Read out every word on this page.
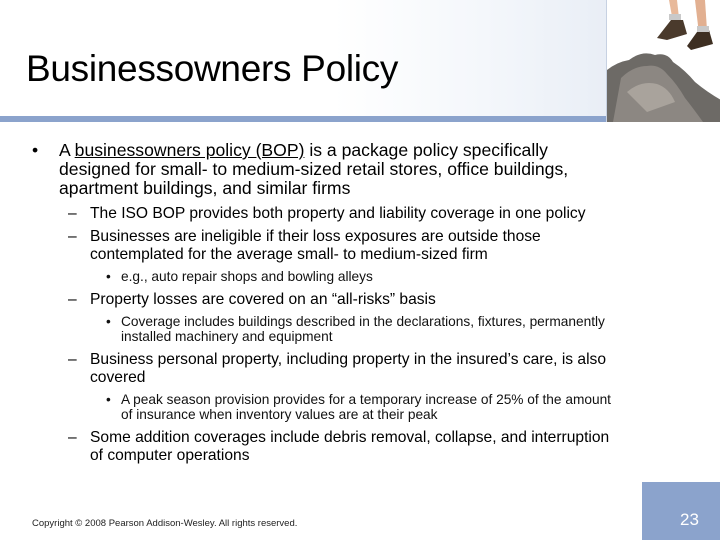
Businessowners Policy
• A businessowners policy (BOP) is a package policy specifically
designed for small- to medium-sized retail stores, office buildings,
apartment buildings, and similar firms
– The ISO BOP provides both property and liability coverage in one policy
– Businesses are ineligible if their loss exposures are outside those
contemplated for the average small- to medium-sized firm
• e.g., auto repair shops and bowling alleys
– Property losses are covered on an “all-risks” basis
• Coverage includes buildings described in the declarations, fixtures, permanently
installed machinery and equipment
– Business personal property, including property in the insured’s care, is also
covered
• A peak season provision provides for a temporary increase of 25% of the amount
of insurance when inventory values are at their peak
– Some addition coverages include debris removal, collapse, and interruption
of computer operations
Copyright © 2008 Pearson Addison-Wesley. All rights reserved.	23
